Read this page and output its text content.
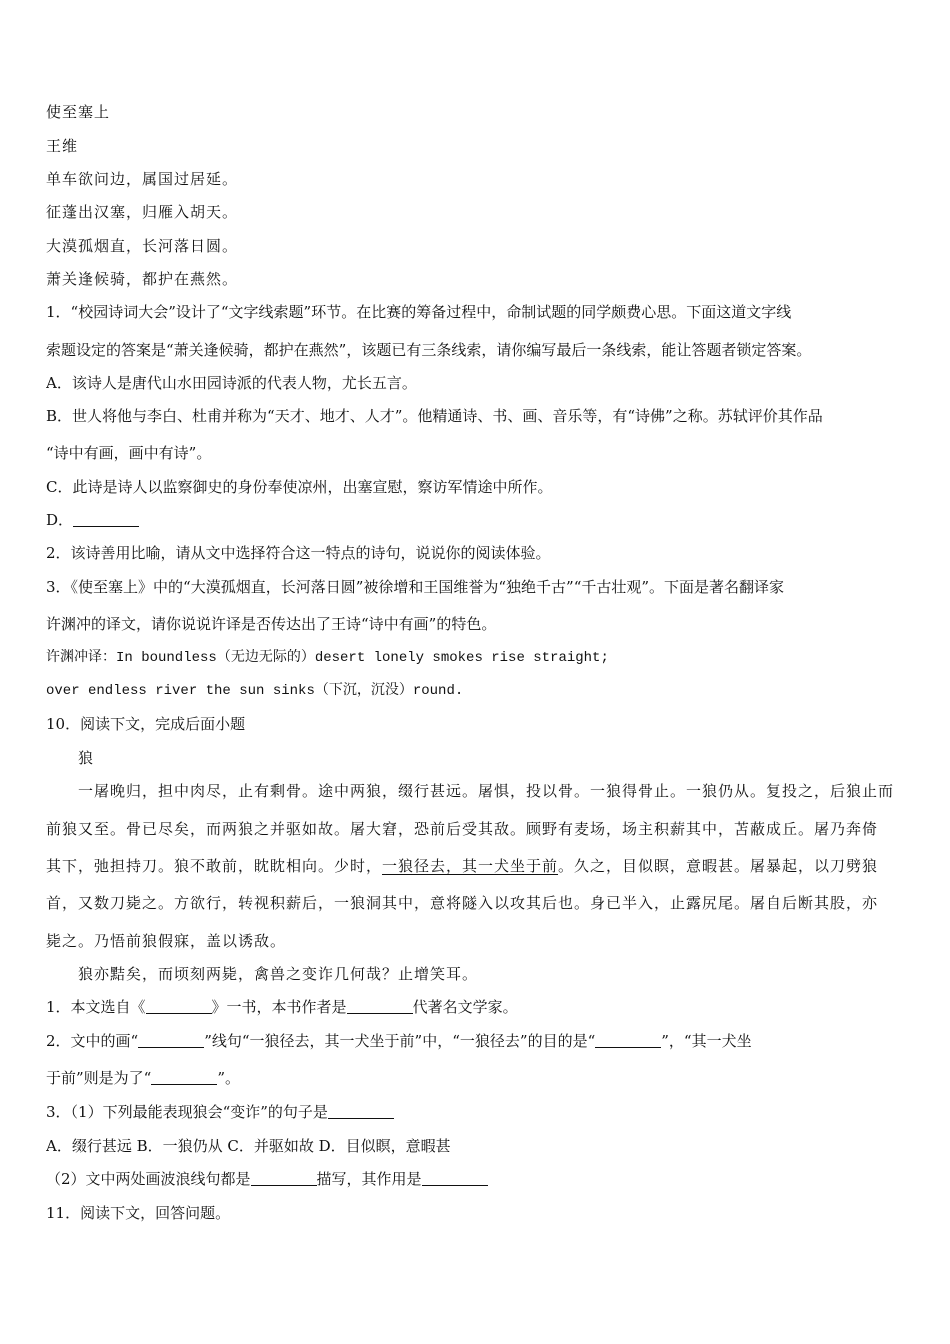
使至塞上
王维
单车欲问边，属国过居延。
征蓬出汉塞，归雁入胡天。
大漠孤烟直，长河落日圆。
萧关逢候骑，都护在燕然。
1．“校园诗词大会”设计了“文字线索题”环节。在比赛的筹备过程中，命制试题的同学颇费心思。下面这道文字线
索题设定的答案是“萧关逢候骑，都护在燕然”，该题已有三条线索，请你编写最后一条线索，能让答题者锁定答案。
A．该诗人是唐代山水田园诗派的代表人物，尤长五言。
B．世人将他与李白、杜甫并称为“天才、地才、人才”。他精通诗、书、画、音乐等，有“诗佛”之称。苏轼评价其作品
“诗中有画，画中有诗”。
C．此诗是诗人以监察御史的身份奉使凉州，出塞宣慰，察访军情途中所作。
D．
2．该诗善用比喻，请从文中选择符合这一特点的诗句，说说你的阅读体验。
3．《使至塞上》中的“大漠孤烟直，长河落日圆”被徐增和王国维誉为“独绝千古”“千古壮观”。下面是著名翻译家
许渊冲的译文，请你说说许译是否传达出了王诗“诗中有画”的特色。
许渊冲译：In boundless（无边无际的）desert lonely smokes rise straight;
over endless river the sun sinks（下沉，沉没）round.
10．阅读下文，完成后面小题
狼
一屠晚归，担中肉尽，止有剩骨。途中两狼，缀行甚远。屠惧，投以骨。一狼得骨止。一狼仍从。复投之，后狼止而
前狼又至。骨已尽矣，而两狼之并驱如故。屠大窘，恐前后受其敌。顾野有麦场，场主积薪其中，苫蔽成丘。屠乃奔倚
其下，弛担持刀。狼不敢前，眈眈相向。少时，一狼径去，其一犬坐于前。久之，目似瞑，意暇甚。屠暴起，以刀劈狼
首，又数刀毙之。方欲行，转视积薪后，一狼洞其中，意将隧入以攻其后也。身已半入，止露尻尾。屠自后断其股，亦
毙之。乃悟前狼假寐，盖以诱敌。
狼亦黠矣，而顷刻两毙，禽兽之变诈几何哉？止增笑耳。
1．本文选自《	》一书，本书作者是	代著名文学家。
2．文中的画“	”线句“一狼径去，其一犬坐于前”中，“一狼径去”的目的是“	”，“其一犬坐
于前”则是为了“	”。
3．（1）下列最能表现狼会“变诈”的句子是
A．缀行甚远 B．一狼仍从 C．并驱如故 D．目似瞑，意暇甚
（2）文中两处画波浪线句都是	描写，其作用是
11．阅读下文，回答问题。
